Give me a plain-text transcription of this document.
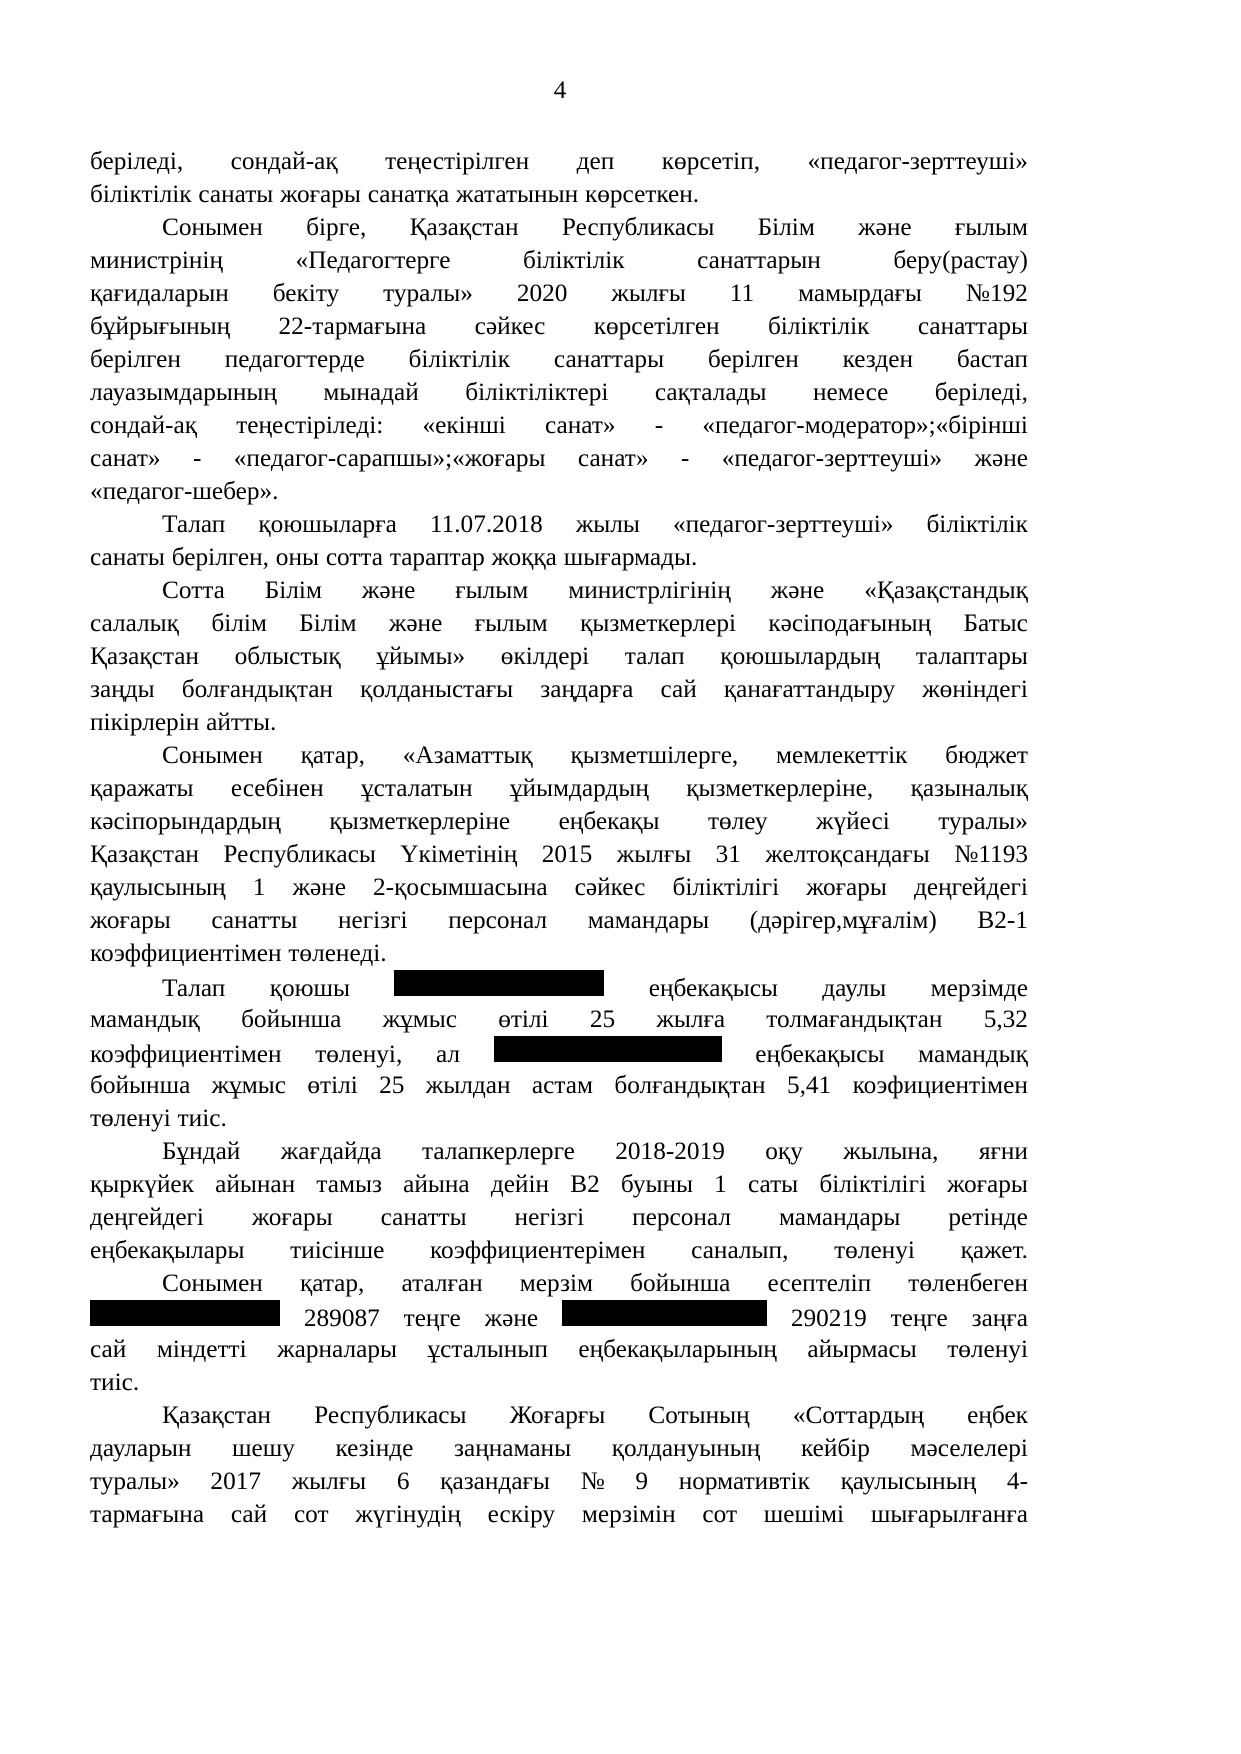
4
беріледі, сондай-ақ теңестірілген деп көрсетіп, «педагог-зерттеуші»
біліктілік санаты жоғары санатқа жататынын көрсеткен.
Сонымен бірге, Қазақстан Республикасы Білім және ғылым
министрінің	«Педагогтерге	біліктілік	санаттарын	беру(растау)
қағидаларын бекіту туралы» 2020 жылғы 11 мамырдағы №192
бұйрығының 22-тармағына сәйкес көрсетілген біліктілік санаттары
берілген педагогтерде біліктілік санаттары берілген кезден бастап
лауазымдарының мынадай біліктіліктері сақталады немесе беріледі,
сондай-ақ теңестіріледі: «екінші санат» - «педагог-модератор»;«бірінші
санат» - «педагог-сарапшы»;«жоғары санат» - «педагог-зерттеуші» және
«педагог-шебер».
Талап қоюшыларға 11.07.2018 жылы «педагог-зерттеуші» біліктілік
санаты берілген, оны сотта тараптар жоққа шығармады.
Сотта Білім және ғылым министрлігінің және «Қазақстандық
салалық білім Білім және ғылым қызметкерлері кәсіподағының Батыс
Қазақстан облыстық ұйымы» өкілдері талап қоюшылардың талаптары
заңды болғандықтан қолданыстағы заңдарға сай қанағаттандыру жөніндегі
пікірлерін айтты.
Сонымен қатар, «Азаматтық қызметшілерге, мемлекеттік бюджет
қаражаты есебінен ұсталатын ұйымдардың қызметкерлеріне, қазыналық
кәсіпорындардың қызметкерлеріне еңбекақы төлеу жүйесі туралы»
Қазақстан Республикасы Үкіметінің 2015 жылғы 31 желтоқсандағы №1193
қаулысының 1 және 2-қосымшасына сәйкес біліктілігі жоғары деңгейдегі
жоғары санатты негізгі персонал мамандары (дәрігер,мұғалім) В2-1
коэффициентімен төленеді.
Талап қоюшы	еңбекақысы даулы мерзімде
мамандық бойынша жұмыс өтілі 25 жылға толмағандықтан 5,32
коэффициентімен төленуі, ал	еңбекақысы мамандық
бойынша жұмыс өтілі 25 жылдан астам болғандықтан 5,41 коэфициентімен
төленуі тиіс.
Бұндай жағдайда талапкерлерге 2018-2019 оқу жылына, яғни
қыркүйек айынан тамыз айына дейін В2 буыны 1 саты біліктілігі жоғары
деңгейдегі жоғары санатты негізгі персонал мамандары ретінде
еңбекақылары тиісінше коэффициентерімен саналып, төленуі қажет.
Сонымен қатар, аталған мерзім бойынша есептеліп төленбеген
289087 теңге және	290219 теңге заңға
сай міндетті жарналары ұсталынып еңбекақыларының айырмасы төленуі
тиіс.
Қазақстан Республикасы Жоғарғы Сотының «Соттардың еңбек
дауларын шешу кезінде заңнаманы қолдануының кейбір мәселелері
туралы» 2017 жылғы 6 қазандағы № 9 нормативтік қаулысының 4-
тармағына сай сот жүгінудің ескіру мерзімін сот шешімі шығарылғанға
